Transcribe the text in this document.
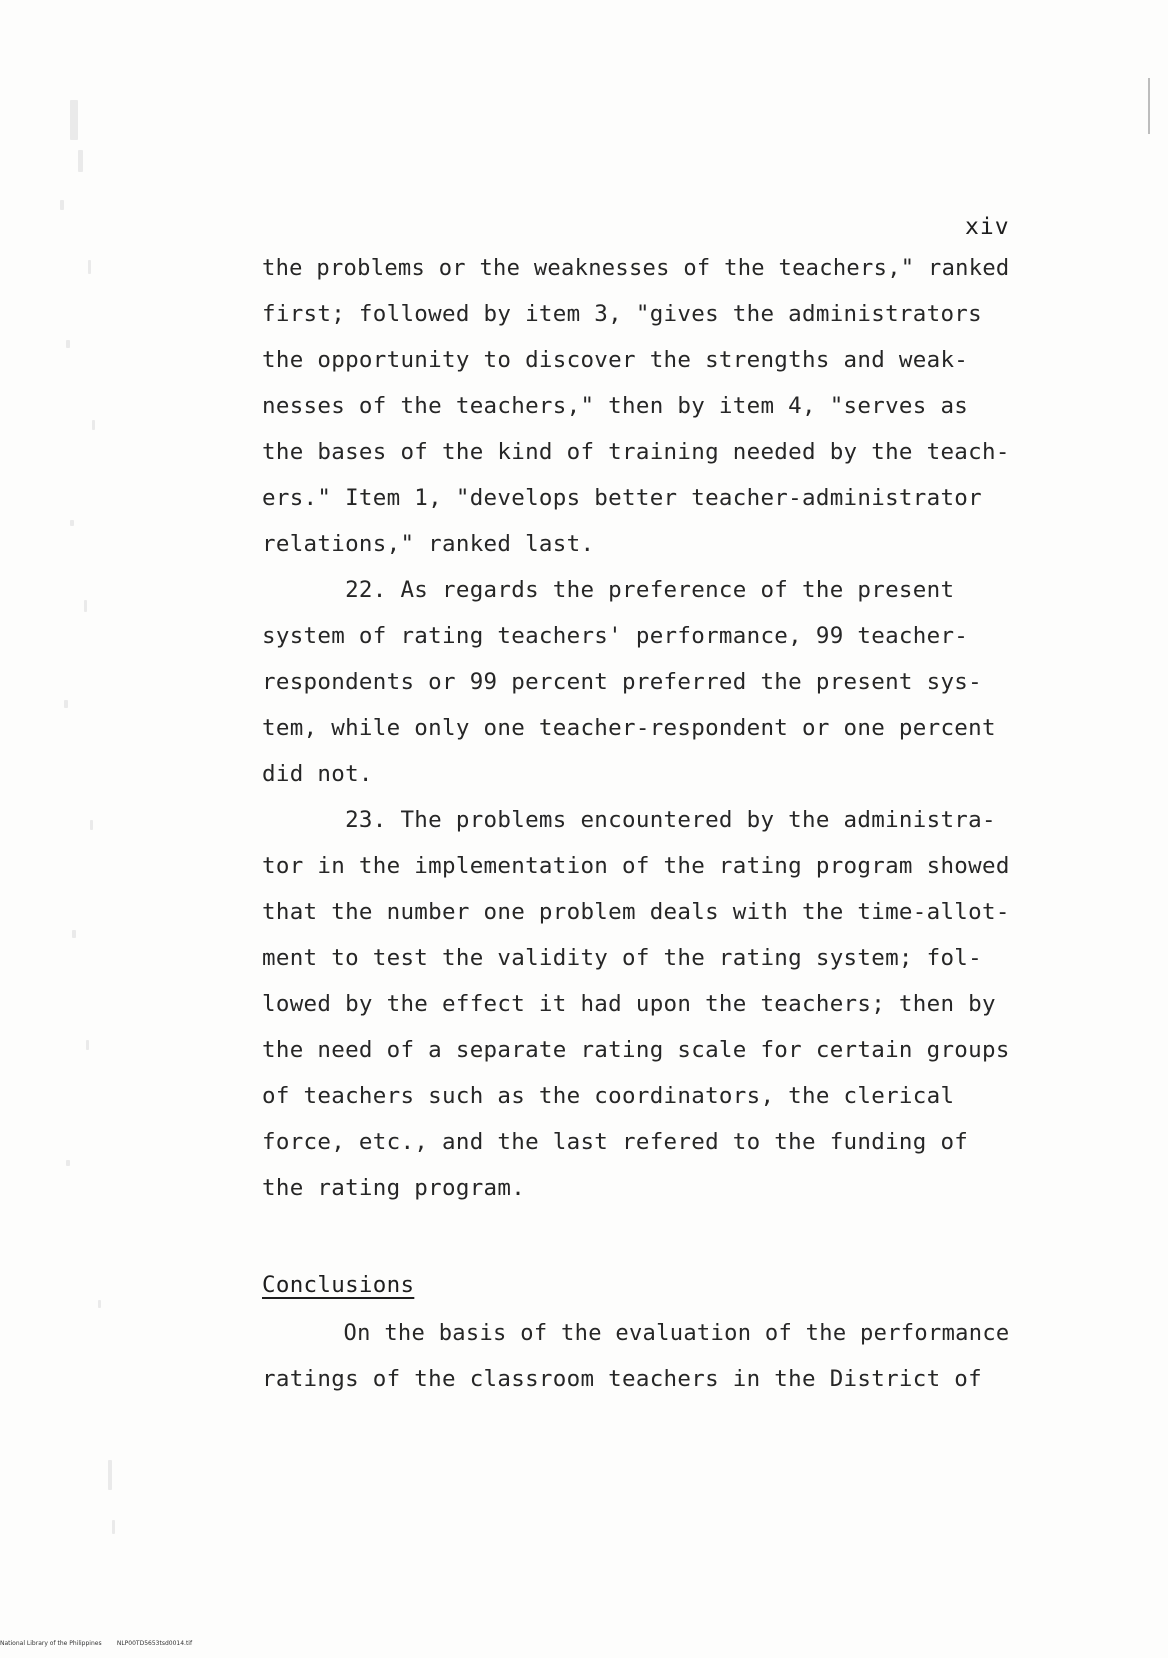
xiv
the problems or the weaknesses of the teachers," ranked
first; followed by item 3, "gives the administrators
the opportunity to discover the strengths and weak-
nesses of the teachers," then by item 4, "serves as
the bases of the kind of training needed by the teach-
ers." Item 1, "develops better teacher-administrator
relations," ranked last.
22. As regards the preference of the present
system of rating teachers' performance, 99 teacher-
respondents or 99 percent preferred the present sys-
tem, while only one teacher-respondent or one percent
did not.
23. The problems encountered by the administra-
tor in the implementation of the rating program showed
that the number one problem deals with the time-allot-
ment to test the validity of the rating system; fol-
lowed by the effect it had upon the teachers; then by
the need of a separate rating scale for certain groups
of teachers such as the coordinators, the clerical
force, etc., and the last refered to the funding of
the rating program.
Conclusions
On the basis of the evaluation of the performance
ratings of the classroom teachers in the District of
National Library of the Philippines	NLP00TD5653tsd0014.tif
